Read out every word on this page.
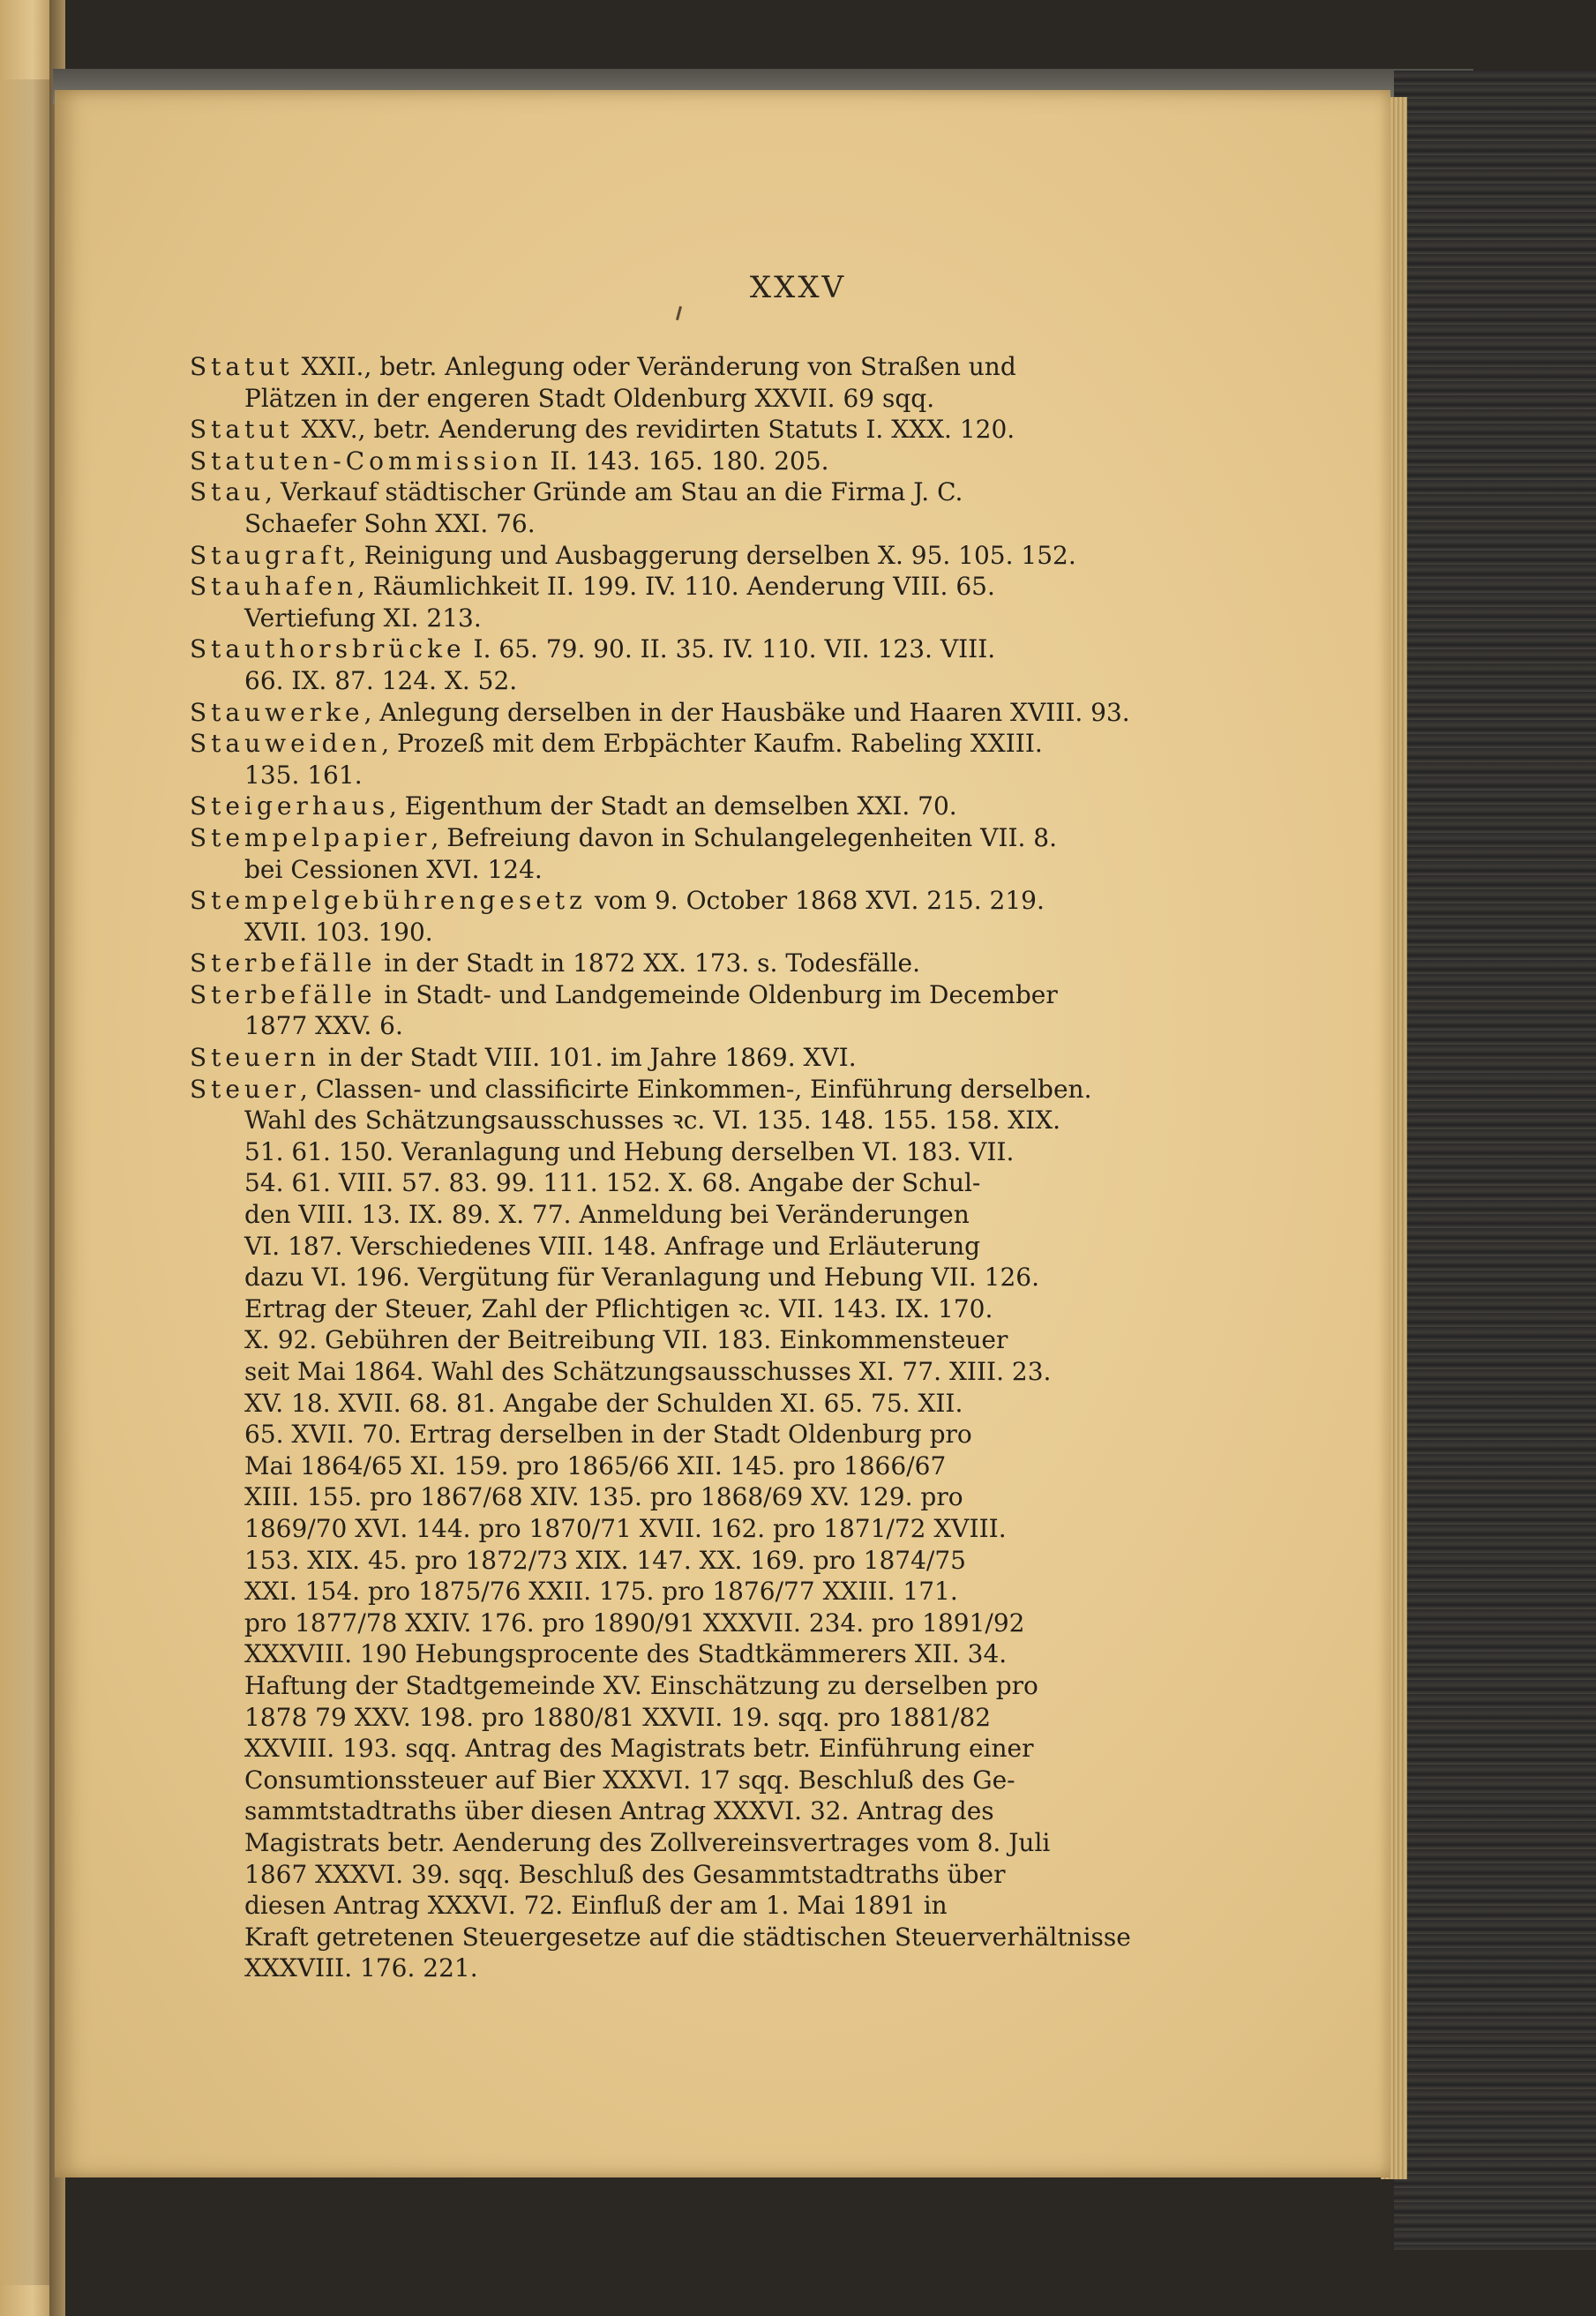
XXXV
Statut XXII., betr. Anlegung oder Veränderung von Straßen und
Plätzen in der engeren Stadt Oldenburg XXVII. 69 sqq.
Statut XXV., betr. Aenderung des revidirten Statuts I. XXX. 120.
Statuten-Commission II. 143. 165. 180. 205.
Stau, Verkauf städtischer Gründe am Stau an die Firma J. C.
Schaefer Sohn XXI. 76.
Staugraft, Reinigung und Ausbaggerung derselben X. 95. 105. 152.
Stauhafen, Räumlichkeit II. 199. IV. 110. Aenderung VIII. 65.
Vertiefung XI. 213.
Stauthorsbrücke I. 65. 79. 90. II. 35. IV. 110. VII. 123. VIII.
66. IX. 87. 124. X. 52.
Stauwerke, Anlegung derselben in der Hausbäke und Haaren XVIII. 93.
Stauweiden, Prozeß mit dem Erbpächter Kaufm. Rabeling XXIII.
135. 161.
Steigerhaus, Eigenthum der Stadt an demselben XXI. 70.
Stempelpapier, Befreiung davon in Schulangelegenheiten VII. 8.
bei Cessionen XVI. 124.
Stempelgebührengesetz vom 9. October 1868 XVI. 215. 219.
XVII. 103. 190.
Sterbefälle in der Stadt in 1872 XX. 173. s. Todesfälle.
Sterbefälle in Stadt- und Landgemeinde Oldenburg im December
1877 XXV. 6.
Steuern in der Stadt VIII. 101. im Jahre 1869. XVI.
Steuer, Classen- und classificirte Einkommen-, Einführung derselben.
Wahl des Schätzungsausschusses ꝛc. VI. 135. 148. 155. 158. XIX.
51. 61. 150. Veranlagung und Hebung derselben VI. 183. VII.
54. 61. VIII. 57. 83. 99. 111. 152. X. 68. Angabe der Schul-
den VIII. 13. IX. 89. X. 77. Anmeldung bei Veränderungen
VI. 187. Verschiedenes VIII. 148. Anfrage und Erläuterung
dazu VI. 196. Vergütung für Veranlagung und Hebung VII. 126.
Ertrag der Steuer, Zahl der Pflichtigen ꝛc. VII. 143. IX. 170.
X. 92. Gebühren der Beitreibung VII. 183. Einkommensteuer
seit Mai 1864. Wahl des Schätzungsausschusses XI. 77. XIII. 23.
XV. 18. XVII. 68. 81. Angabe der Schulden XI. 65. 75. XII.
65. XVII. 70. Ertrag derselben in der Stadt Oldenburg pro
Mai 1864/65 XI. 159. pro 1865/66 XII. 145. pro 1866/67
XIII. 155. pro 1867/68 XIV. 135. pro 1868/69 XV. 129. pro
1869/70 XVI. 144. pro 1870/71 XVII. 162. pro 1871/72 XVIII.
153. XIX. 45. pro 1872/73 XIX. 147. XX. 169. pro 1874/75
XXI. 154. pro 1875/76 XXII. 175. pro 1876/77 XXIII. 171.
pro 1877/78 XXIV. 176. pro 1890/91 XXXVII. 234. pro 1891/92
XXXVIII. 190 Hebungsprocente des Stadtkämmerers XII. 34.
Haftung der Stadtgemeinde XV. Einschätzung zu derselben pro
1878 79 XXV. 198. pro 1880/81 XXVII. 19. sqq. pro 1881/82
XXVIII. 193. sqq. Antrag des Magistrats betr. Einführung einer
Consumtionssteuer auf Bier XXXVI. 17 sqq. Beschluß des Ge-
sammtstadtraths über diesen Antrag XXXVI. 32. Antrag des
Magistrats betr. Aenderung des Zollvereinsvertrages vom 8. Juli
1867 XXXVI. 39. sqq. Beschluß des Gesammtstadtraths über
diesen Antrag XXXVI. 72. Einfluß der am 1. Mai 1891 in
Kraft getretenen Steuergesetze auf die städtischen Steuerverhältnisse
XXXVIII. 176. 221.
